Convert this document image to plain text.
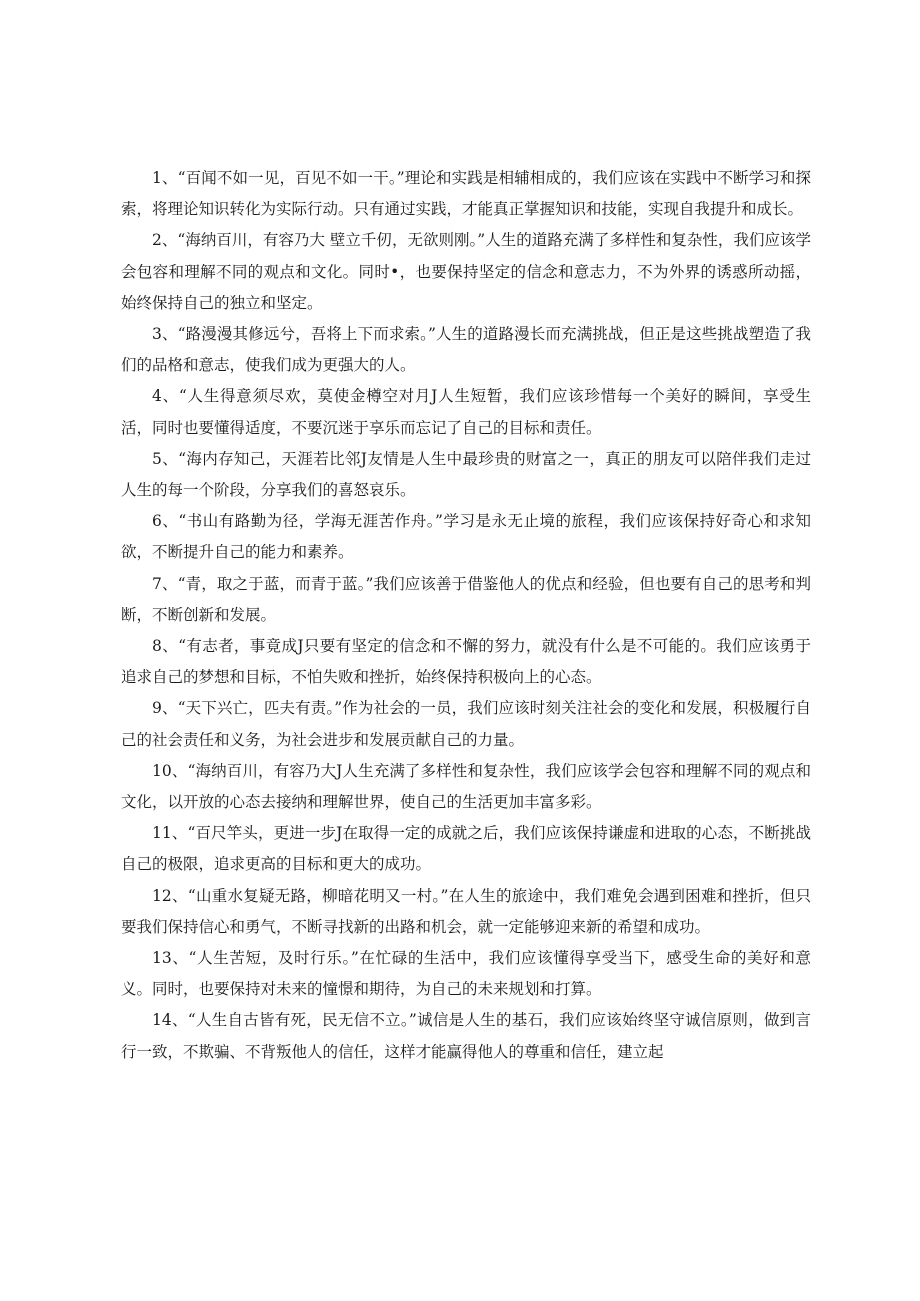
1、“百闻不如一见，百见不如一干。”理论和实践是相辅相成的，我们应该在实践中不断学习和探索，将理论知识转化为实际行动。只有通过实践，才能真正掌握知识和技能，实现自我提升和成长。

2、“海纳百川，有容乃大 壁立千仞，无欲则刚。”人生的道路充满了多样性和复杂性，我们应该学会包容和理解不同的观点和文化。同时•，也要保持坚定的信念和意志力，不为外界的诱惑所动摇，始终保持自己的独立和坚定。

3、“路漫漫其修远兮，吾将上下而求索。”人生的道路漫长而充满挑战，但正是这些挑战塑造了我们的品格和意志，使我们成为更强大的人。

4、“人生得意须尽欢，莫使金樽空对月J人生短暂，我们应该珍惜每一个美好的瞬间，享受生活，同时也要懂得适度，不要沉迷于享乐而忘记了自己的目标和责任。

5、“海内存知己，天涯若比邻J友情是人生中最珍贵的财富之一，真正的朋友可以陪伴我们走过人生的每一个阶段，分享我们的喜怒哀乐。

6、“书山有路勤为径，学海无涯苦作舟。”学习是永无止境的旅程，我们应该保持好奇心和求知欲，不断提升自己的能力和素养。

7、“青，取之于蓝，而青于蓝。”我们应该善于借鉴他人的优点和经验，但也要有自己的思考和判断，不断创新和发展。

8、“有志者，事竟成J只要有坚定的信念和不懈的努力，就没有什么是不可能的。我们应该勇于追求自己的梦想和目标，不怕失败和挫折，始终保持积极向上的心态。

9、“天下兴亡，匹夫有责。”作为社会的一员，我们应该时刻关注社会的变化和发展，积极履行自己的社会责任和义务，为社会进步和发展贡献自己的力量。

10、“海纳百川，有容乃大J人生充满了多样性和复杂性，我们应该学会包容和理解不同的观点和文化，以开放的心态去接纳和理解世界，使自己的生活更加丰富多彩。

11、“百尺竿头，更进一步J在取得一定的成就之后，我们应该保持谦虚和进取的心态，不断挑战自己的极限，追求更高的目标和更大的成功。

12、“山重水复疑无路，柳暗花明又一村。”在人生的旅途中，我们难免会遇到困难和挫折，但只要我们保持信心和勇气，不断寻找新的出路和机会，就一定能够迎来新的希望和成功。

13、“人生苦短，及时行乐。”在忙碌的生活中，我们应该懂得享受当下，感受生命的美好和意义。同时，也要保持对未来的憧憬和期待，为自己的未来规划和打算。

14、“人生自古皆有死，民无信不立。”诚信是人生的基石，我们应该始终坚守诚信原则，做到言行一致，不欺骗、不背叛他人的信任，这样才能赢得他人的尊重和信任，建立起
